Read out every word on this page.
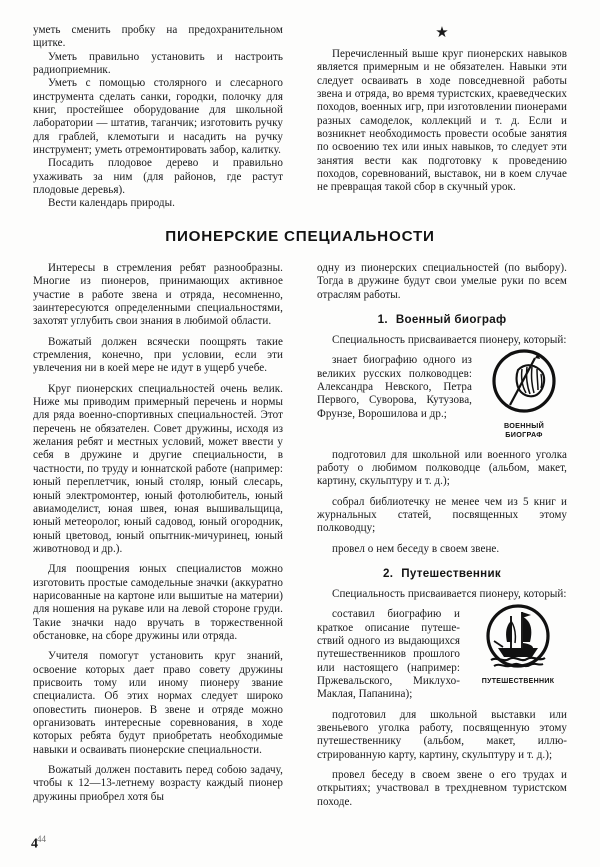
уметь сменить пробку на предохранительном щитке.

Уметь правильно установить и настроить радиоприемник.

Уметь с помощью столярного и слесарного инструмента сделать санки, городки, полочку для книг, простейшее оборудование для школьной лаборатории — штатив, таганчик; изготовить ручку для граблей, клемотыги и насадить на ручку инструмент; уметь отремонтировать забор, калитку.

Посадить плодовое дерево и правильно ухаживать за ним (для районов, где растут плодовые деревья).

Вести календарь природы.

★

Перечисленный выше круг пионерских навыков является примерным и не обязателен. Навыки эти следует осваивать в ходе повседневной работы звена и отряда, во время туристских, краеведческих походов, военных игр, при изготовлении пионерами разных самоделок, коллекций и т. д. Если и возникнет необходимость провести особые занятия по освоению тех или иных навыков, то следует эти занятия вести как подготовку к проведению походов, соревнований, выставок, ни в коем случае не превращая такой сбор в скучный урок.

ПИОНЕРСКИЕ СПЕЦИАЛЬНОСТИ

Интересы в стремления ребят разнообразны. Многие из пионеров, принимающих активное участие в работе звена и отряда, несомненно, заинтересуются определенными специальностями, захотят углубить свои знания в любимой области.

Вожатый должен всячески поощрять такие стремления, конечно, при условии, если эти увлечения ни в коей мере не идут в ущерб учебе.

Круг пионерских специальностей очень велик. Ниже мы приводим примерный перечень и нормы для ряда военно-спортивных специальностей. Этот перечень не обязателен. Совет дружины, исходя из желания ребят и местных условий, может ввести у себя в дружине и другие специальности, в частности, по труду и юннатской работе (например: юный переплетчик, юный столяр, юный слесарь, юный электромонтер, юный фотолюбитель, юный авиамоделист, юная швея, юная вышивальщица, юный метеоролог, юный садовод, юный огородник, юный цветовод, юный опытник-мичуринец, юный животновод и др.).

Для поощрения юных специалистов можно изготовить простые самодельные значки (аккуратно нарисованные на картоне или вышитые на материи) для ношения на рукаве или на левой стороне груди. Такие значки надо вручать в торжественной обстановке, на сборе дружины или отряда.

Учителя помогут установить круг знаний, освоение которых дает право совету дружины присвоить тому или иному пионеру звание специалиста. Об этих нормах следует широко оповестить пионеров. В звене и отряде можно организовать интересные соревнования, в ходе которых ребята будут приобретать необходимые навыки и осваивать пионерские специальности.

Вожатый должен поставить перед собою задачу, чтобы к 12—13-летнему возрасту каждый пионер дружины приобрел хотя бы

одну из пионерских специальностей (по выбору). Тогда в дружине будут свои умелые руки по всем отраслям работы.

1. Военный биограф

Специальность присваивается пионеру, который:

ВОЕННЫЙ
БИОГРАФ

знает биографию одного из великих русских полководцев: Александра Невского, Петра Первого, Суворова, Кутузова, Фрунзе, Ворошилова и др.;

подготовил для школьной или военного уголка работу о любимом полководце (альбом, макет, картину, скульптуру и т. д.);

собрал библиотечку не менее чем из 5 книг и журнальных статей, посвященных этому полководцу;

провел о нем беседу в своем звене.

2. Путешественник

Специальность присваивается пионеру, который:

ПУТЕШЕСТВЕННИК

составил биографию и краткое описание путешествий одного из выдающихся путешественников прошлого или настоящего (например: Пржевальского, Миклухо-Маклая, Папанина);

подготовил для школьной выставки или звеньевого уголка работу, посвященную этому путешественнику (альбом, макет, иллюстрированную карту, картину, скульптуру и т. д.);

провел беседу в своем звене о его трудах и открытиях; участвовал в трехдневном туристском походе.

$4^{44}$
